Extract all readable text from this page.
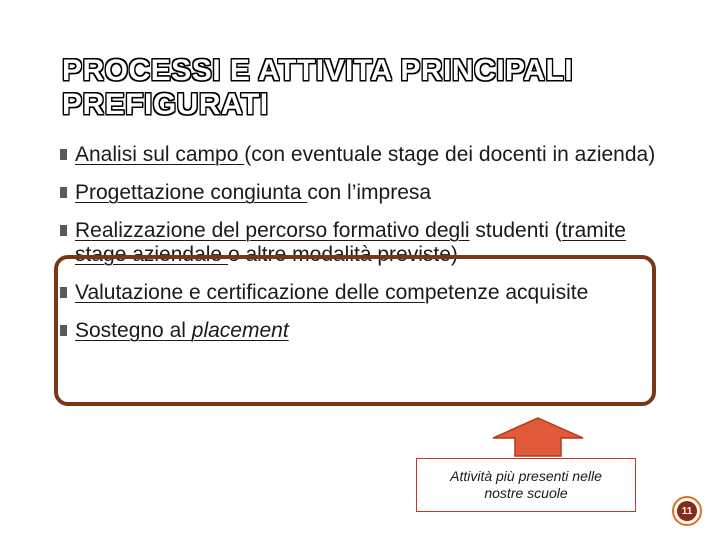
PROCESSI E ATTIVITA PRINCIPALI
PREFIGURATI
Analisi sul campo (con eventuale stage dei docenti in azienda)
Progettazione congiunta con l’impresa
Realizzazione del percorso formativo degli studenti (tramite stage aziendale o altre modalità previste)
Valutazione e certificazione delle competenze acquisite
Sostegno al placement
Attività più presenti nelle
nostre scuole
11
